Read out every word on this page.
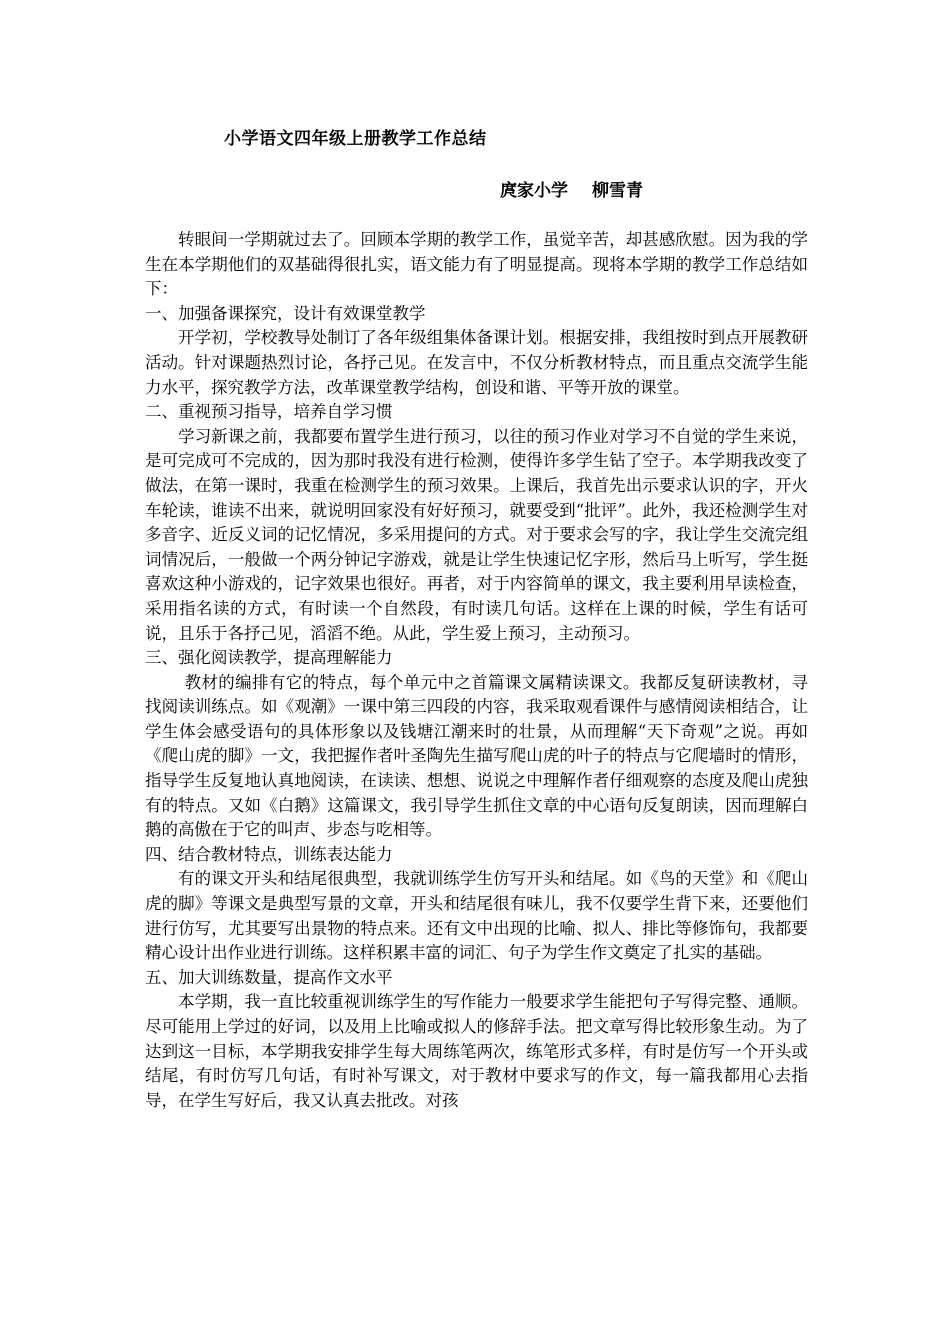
小学语文四年级上册教学工作总结
庹家小学 柳雪青

转眼间一学期就过去了。回顾本学期的教学工作，虽觉辛苦，却甚感欣慰。因为我的学生在本学期他们的双基础得很扎实，语文能力有了明显提高。现将本学期的教学工作总结如下：

一、加强备课探究，设计有效课堂教学

开学初，学校教导处制订了各年级组集体备课计划。根据安排，我组按时到点开展教研活动。针对课题热烈讨论，各抒己见。在发言中，不仅分析教材特点，而且重点交流学生能力水平，探究教学方法，改革课堂教学结构，创设和谐、平等开放的课堂。

二、重视预习指导，培养自学习惯

学习新课之前，我都要布置学生进行预习，以往的预习作业对学习不自觉的学生来说，是可完成可不完成的，因为那时我没有进行检测，使得许多学生钻了空子。本学期我改变了做法，在第一课时，我重在检测学生的预习效果。上课后，我首先出示要求认识的字，开火车轮读，谁读不出来，就说明回家没有好好预习，就要受到“批评”。此外，我还检测学生对多音字、近反义词的记忆情况，多采用提问的方式。对于要求会写的字，我让学生交流完组词情况后，一般做一个两分钟记字游戏，就是让学生快速记忆字形，然后马上听写，学生挺喜欢这种小游戏的，记字效果也很好。再者，对于内容简单的课文，我主要利用早读检查，采用指名读的方式，有时读一个自然段，有时读几句话。这样在上课的时候，学生有话可说，且乐于各抒己见，滔滔不绝。从此，学生爱上预习，主动预习。

三、强化阅读教学，提高理解能力

教材的编排有它的特点，每个单元中之首篇课文属精读课文。我都反复研读教材，寻找阅读训练点。如《观潮》一课中第三四段的内容，我采取观看课件与感情阅读相结合，让学生体会感受语句的具体形象以及钱塘江潮来时的壮景，从而理解“天下奇观”之说。再如《爬山虎的脚》一文，我把握作者叶圣陶先生描写爬山虎的叶子的特点与它爬墙时的情形，指导学生反复地认真地阅读，在读读、想想、说说之中理解作者仔细观察的态度及爬山虎独有的特点。又如《白鹅》这篇课文，我引导学生抓住文章的中心语句反复朗读，因而理解白鹅的高傲在于它的叫声、步态与吃相等。

四、结合教材特点，训练表达能力

有的课文开头和结尾很典型，我就训练学生仿写开头和结尾。如《鸟的天堂》和《爬山虎的脚》等课文是典型写景的文章，开头和结尾很有味儿，我不仅要学生背下来，还要他们进行仿写，尤其要写出景物的特点来。还有文中出现的比喻、拟人、排比等修饰句，我都要精心设计出作业进行训练。这样积累丰富的词汇、句子为学生作文奠定了扎实的基础。

五、加大训练数量，提高作文水平

本学期，我一直比较重视训练学生的写作能力一般要求学生能把句子写得完整、通顺。尽可能用上学过的好词，以及用上比喻或拟人的修辞手法。把文章写得比较形象生动。为了达到这一目标，本学期我安排学生每大周练笔两次，练笔形式多样，有时是仿写一个开头或结尾，有时仿写几句话，有时补写课文，对于教材中要求写的作文，每一篇我都用心去指导，在学生写好后，我又认真去批改。对孩
